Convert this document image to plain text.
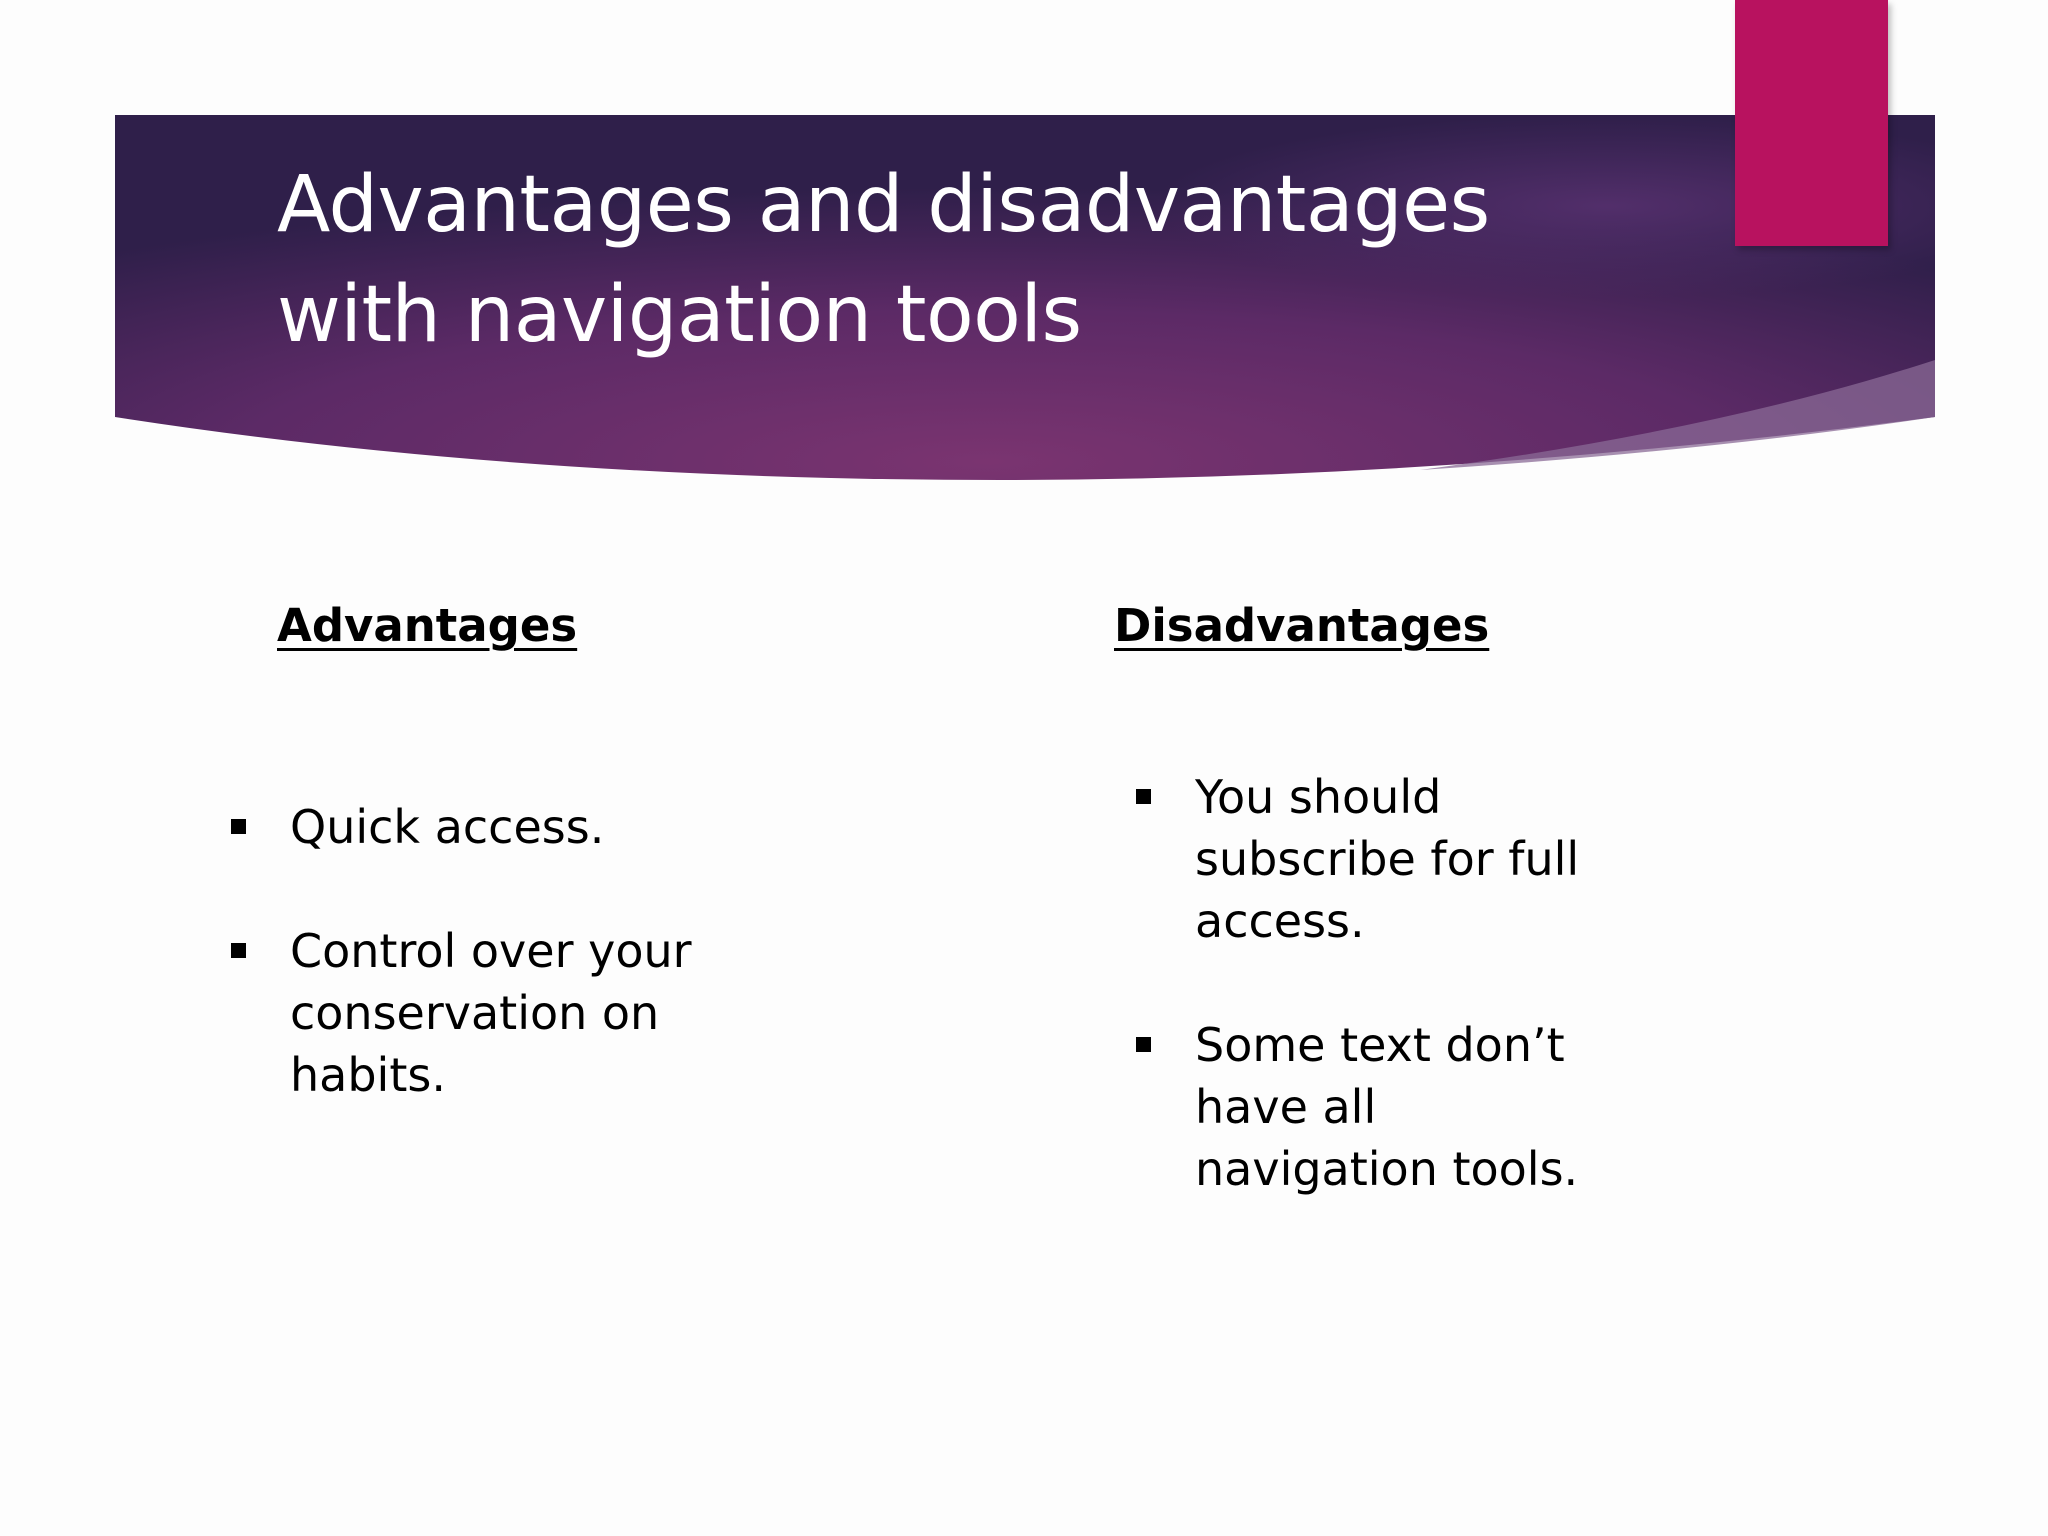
Advantages and disadvantages
with navigation tools
Advantages	Disadvantages
Quick access.
Control over your conservation on habits.
You should subscribe for full access.
Some text don’t have all navigation tools.
